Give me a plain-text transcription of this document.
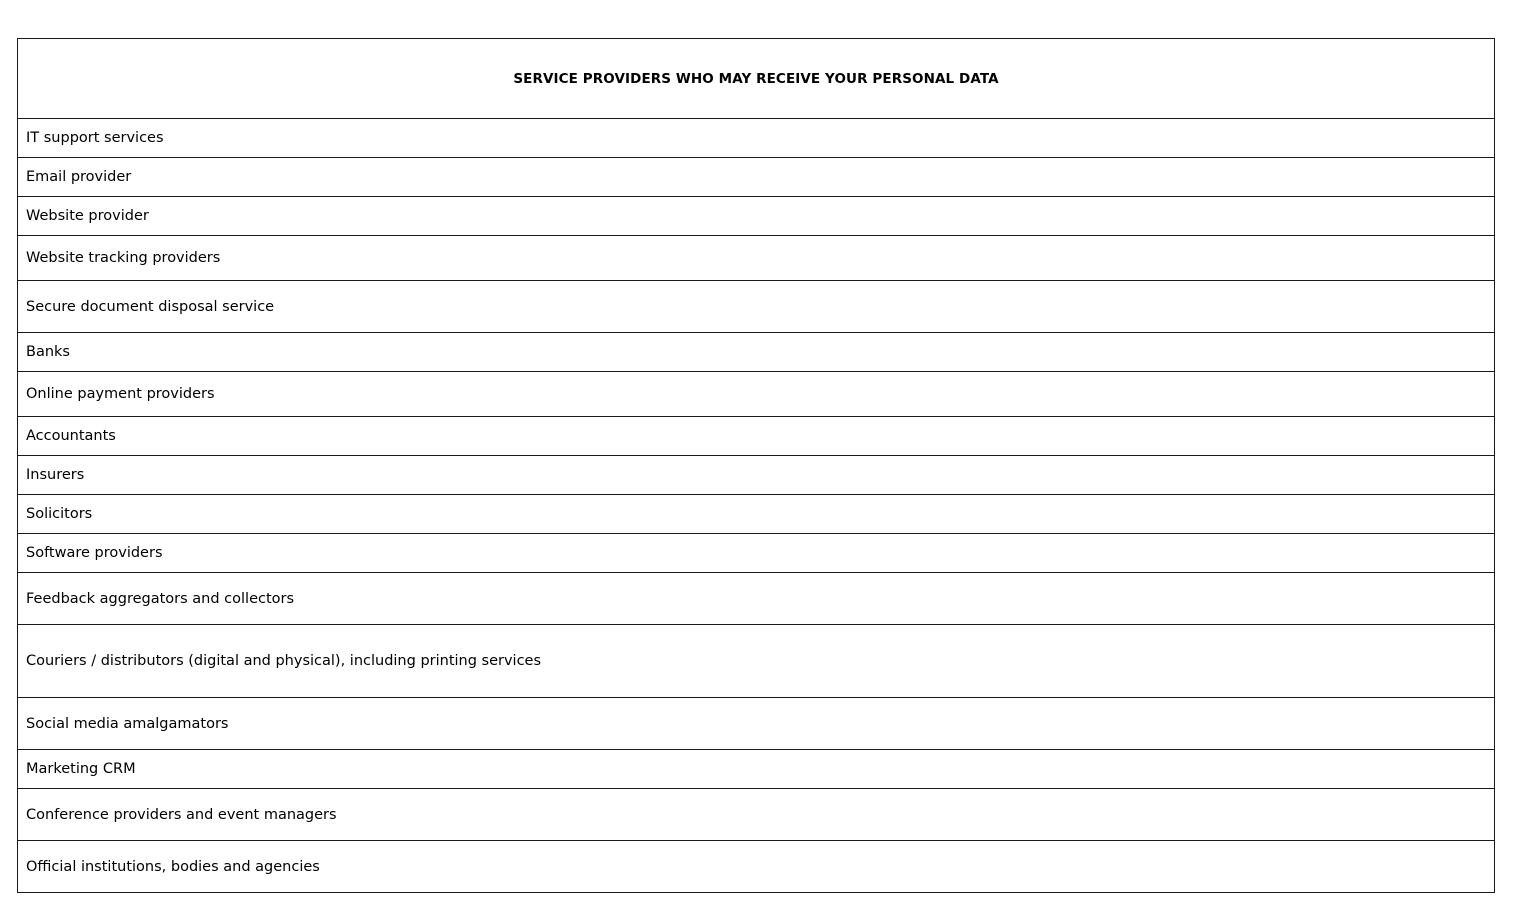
SERVICE PROVIDERS WHO MAY RECEIVE YOUR PERSONAL DATA
IT support services
Email provider
Website provider
Website tracking providers
Secure document disposal service
Banks
Online payment providers
Accountants
Insurers
Solicitors
Software providers
Feedback aggregators and collectors
Couriers / distributors (digital and physical), including printing services
Social media amalgamators
Marketing CRM
Conference providers and event managers
Official institutions, bodies and agencies
